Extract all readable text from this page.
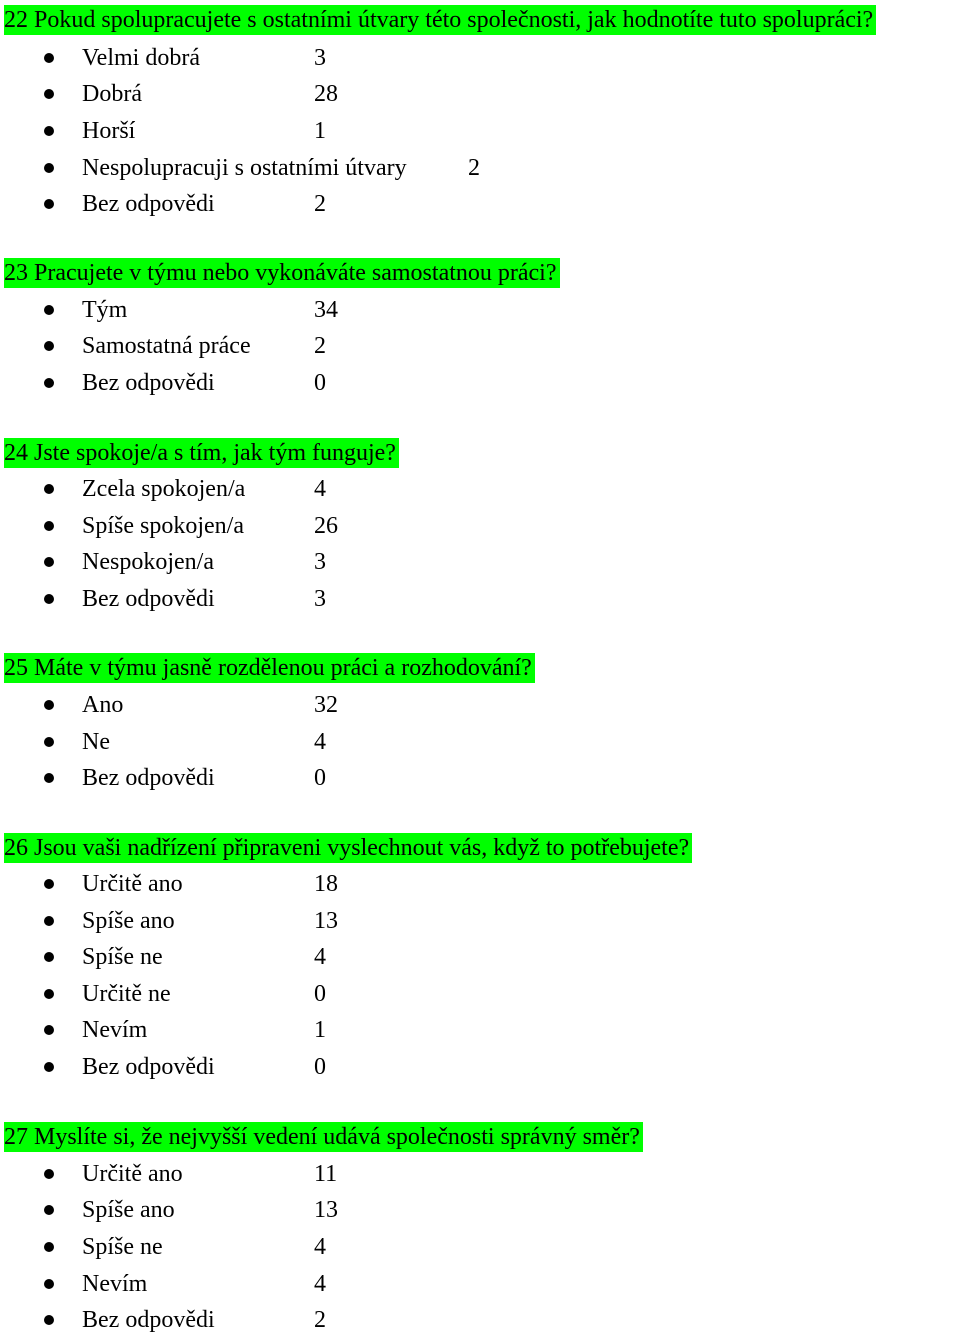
22 Pokud spolupracujete s ostatními útvary této společnosti, jak hodnotíte tuto spolupráci?
Velmi dobrá	3
Dobrá	28
Horší	1
Nespolupracuji s ostatními útvary	2
Bez odpovědi	2
23 Pracujete v týmu nebo vykonáváte samostatnou práci?
Tým	34
Samostatná práce	2
Bez odpovědi	0
24 Jste spokoje/a s tím, jak tým funguje?
Zcela spokojen/a	4
Spíše spokojen/a	26
Nespokojen/a	3
Bez odpovědi	3
25 Máte v týmu jasně rozdělenou práci a rozhodování?
Ano	32
Ne	4
Bez odpovědi	0
26 Jsou vaši nadřízení připraveni vyslechnout vás, když to potřebujete?
Určitě ano	18
Spíše ano	13
Spíše ne	4
Určitě ne	0
Nevím	1
Bez odpovědi	0
27 Myslíte si, že nejvyšší vedení udává společnosti správný směr?
Určitě ano	11
Spíše ano	13
Spíše ne	4
Nevím	4
Bez odpovědi	2
